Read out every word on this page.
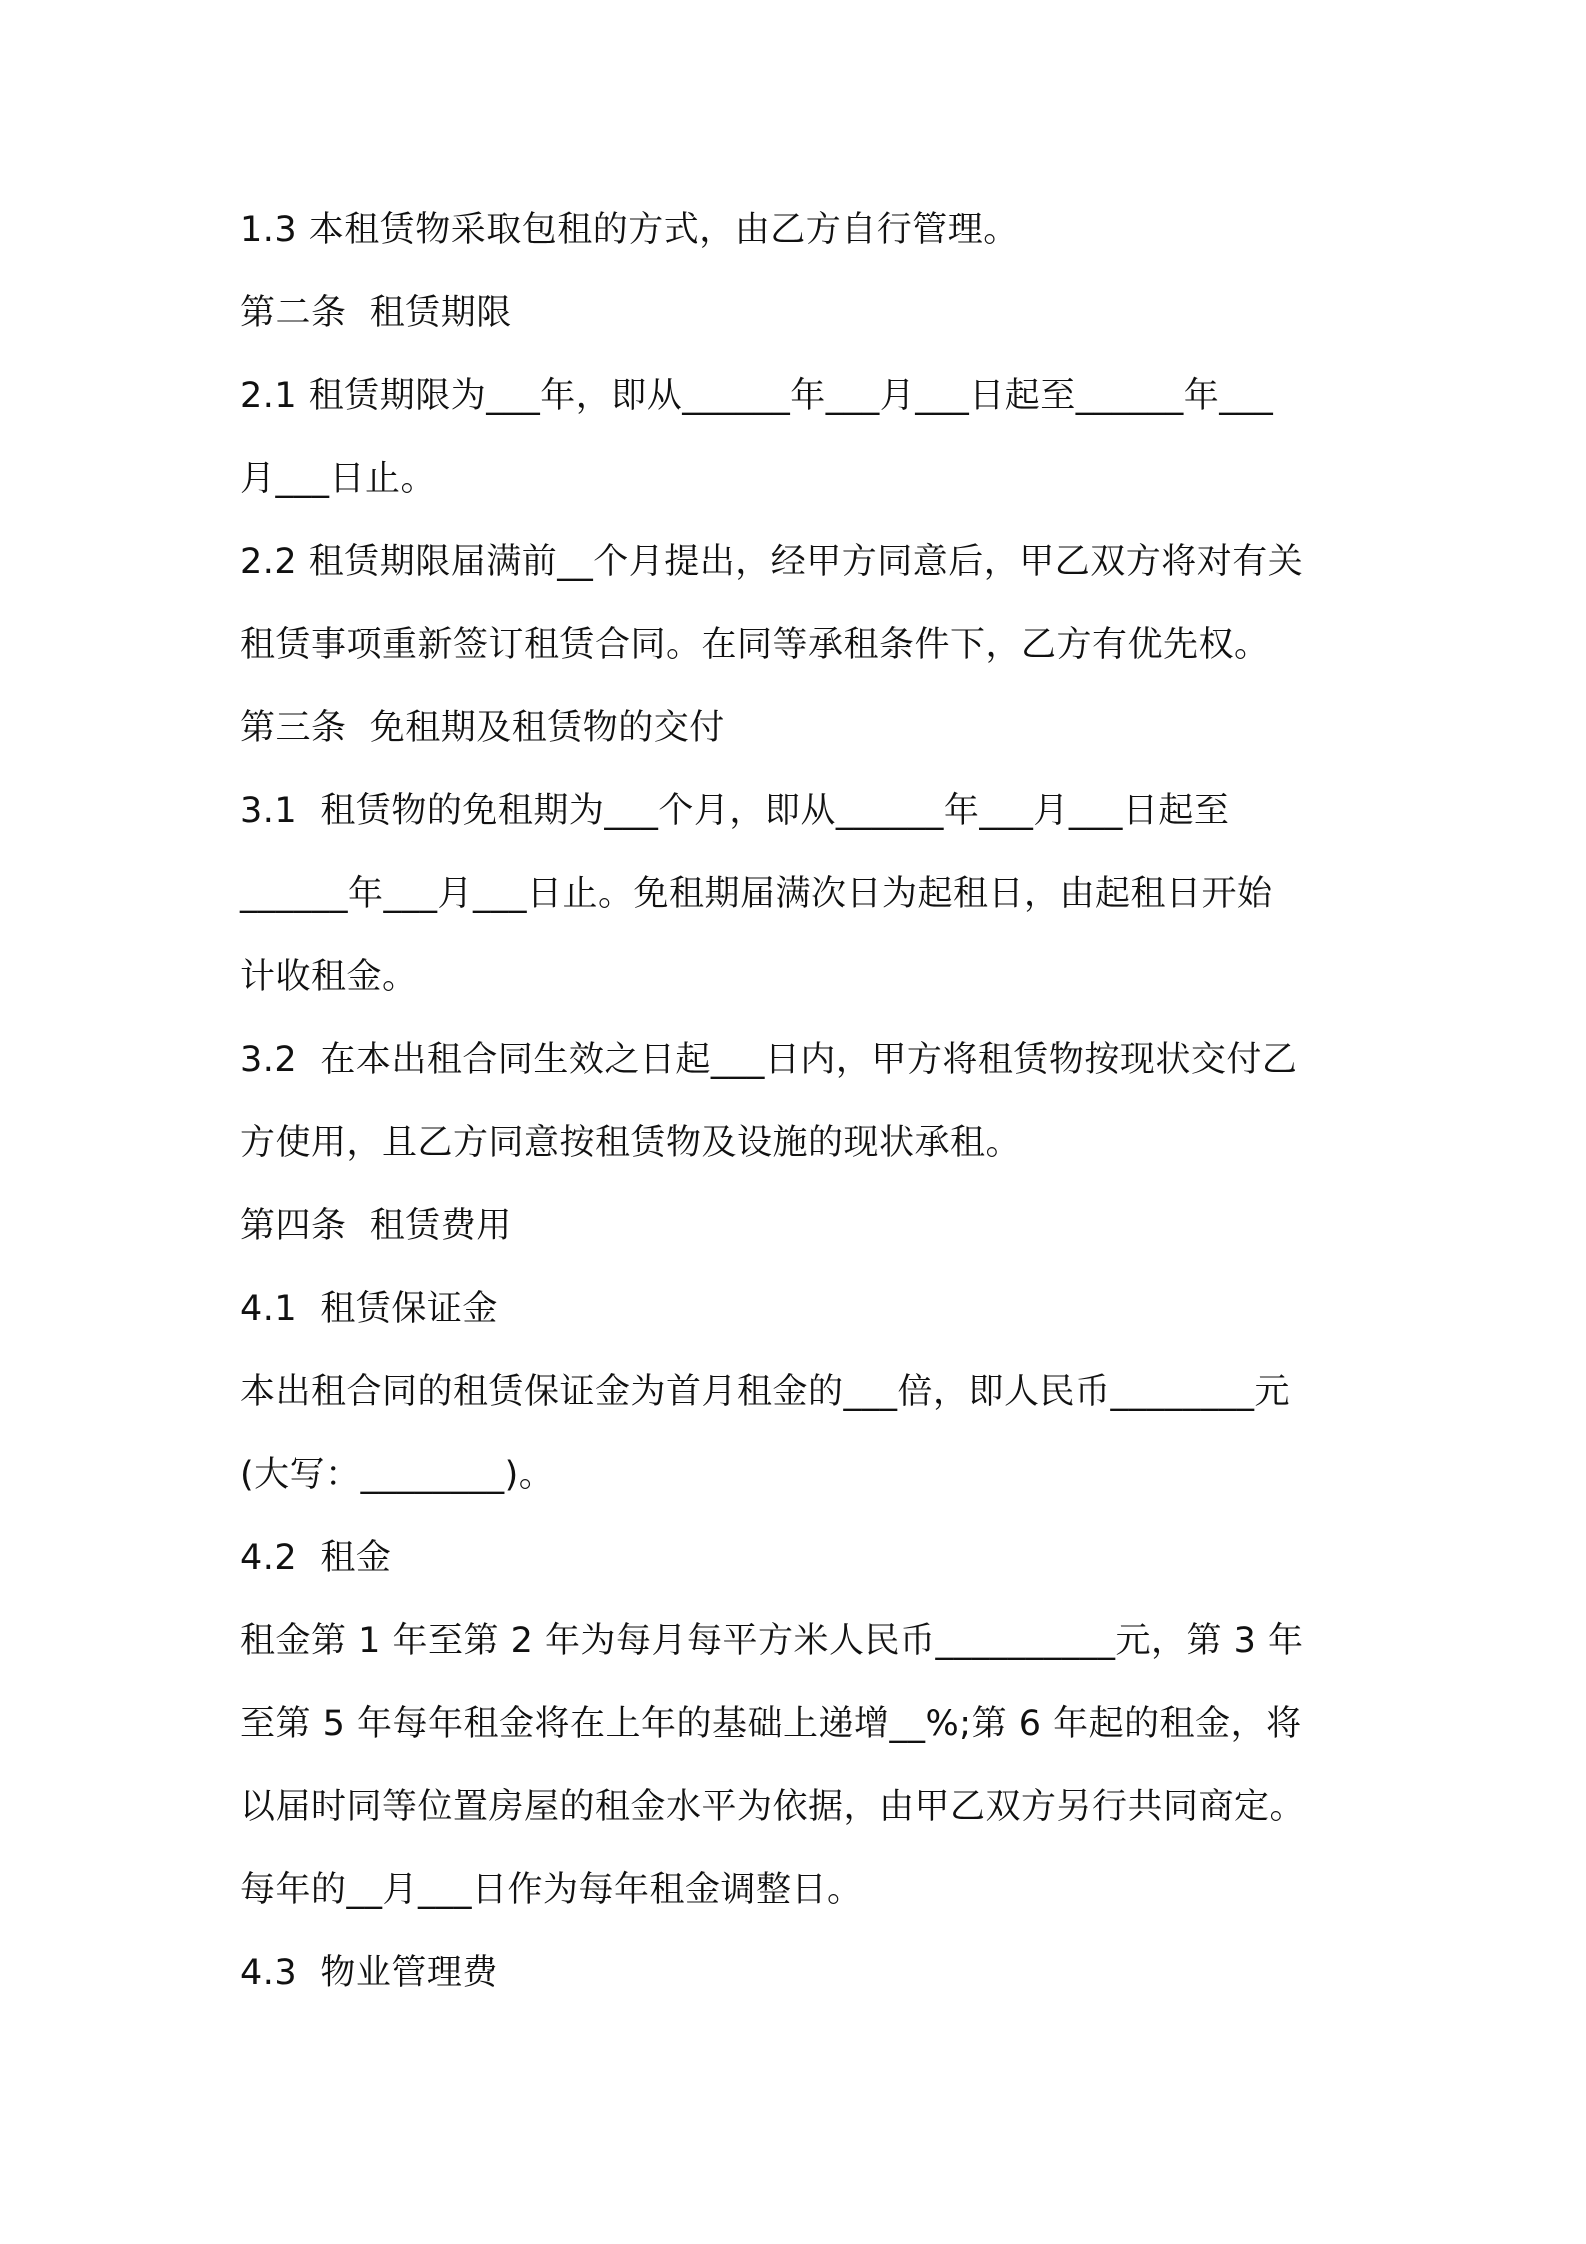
1.3 本租赁物采取包租的方式，由乙方自行管理。
第二条  租赁期限
2.1 租赁期限为___年，即从______年___月___日起至______年___
月___日止。
2.2 租赁期限届满前__个月提出，经甲方同意后，甲乙双方将对有关
租赁事项重新签订租赁合同。在同等承租条件下，乙方有优先权。
第三条  免租期及租赁物的交付
3.1  租赁物的免租期为___个月，即从______年___月___日起至
______年___月___日止。免租期届满次日为起租日，由起租日开始
计收租金。
3.2  在本出租合同生效之日起___日内，甲方将租赁物按现状交付乙
方使用，且乙方同意按租赁物及设施的现状承租。
第四条  租赁费用
4.1  租赁保证金
本出租合同的租赁保证金为首月租金的___倍，即人民币________元
(大写：________)。
4.2  租金
租金第 1 年至第 2 年为每月每平方米人民币__________元，第 3 年
至第 5 年每年租金将在上年的基础上递增__%;第 6 年起的租金，将
以届时同等位置房屋的租金水平为依据，由甲乙双方另行共同商定。
每年的__月___日作为每年租金调整日。
4.3  物业管理费
